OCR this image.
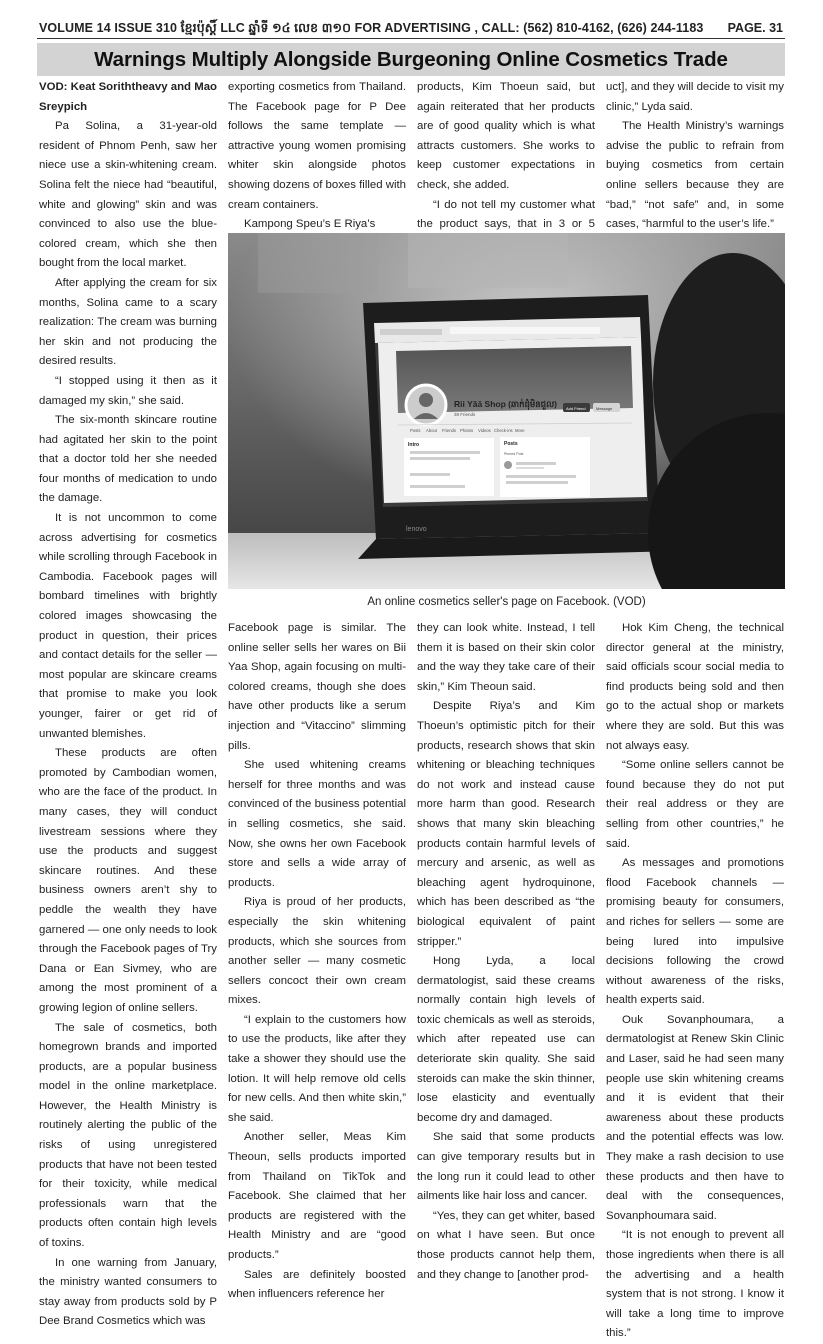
VOLUME 14 ISSUE 310 ខ្មែរប៉ុស្ដិ៍ LLC ឆ្នាំទី ១៤ លេខ ៣១០ FOR ADVERTISING , CALL: (562) 810-4162, (626) 244-1183 PAGE. 31
Warnings Multiply Alongside Burgeoning Online Cosmetics Trade

VOD: Keat Soriththeavy and Mao Sreypich

Pa Solina, a 31-year-old resident of Phnom Penh, saw her niece use a skin-whitening cream. Solina felt the niece had “beautiful, white and glowing” skin and was convinced to also use the blue-colored cream, which she then bought from the local market.

After applying the cream for six months, Solina came to a scary realization: The cream was burning her skin and not producing the desired results.

“I stopped using it then as it damaged my skin,” she said.

The six-month skincare routine had agitated her skin to the point that a doctor told her she needed four months of medication to undo the damage.

It is not uncommon to come across advertising for cosmetics while scrolling through Facebook in Cambodia. Facebook pages will bombard timelines with brightly colored images showcasing the product in question, their prices and contact details for the seller — most popular are skincare creams that promise to make you look younger, fairer or get rid of unwanted blemishes.

These products are often promoted by Cambodian women, who are the face of the product. In many cases, they will conduct livestream sessions where they use the products and suggest skincare routines. And these business owners aren’t shy to peddle the wealth they have garnered — one only needs to look through the Facebook pages of Try Dana or Ean Sivmey, who are among the most prominent of a growing legion of online sellers.

The sale of cosmetics, both homegrown brands and imported products, are a popular business model in the online marketplace. However, the Health Ministry is routinely alerting the public of the risks of using unregistered products that have not been tested for their toxicity, while medical professionals warn that the products often contain high levels of toxins.

In one warning from January, the ministry wanted consumers to stay away from products sold by P Dee Brand Cosmetics which was

exporting cosmetics from Thailand. The Facebook page for P Dee follows the same template — attractive young women promising whiter skin alongside photos showing dozens of boxes filled with cream containers.

Kampong Speu’s E Riya’s

products, Kim Thoeun said, but again reiterated that her products are of good quality which is what attracts customers. She works to keep customer expectations in check, she added.

“I do not tell my customer what the product says, that in 3 or 5

uct], and they will decide to visit my clinic,” Lyda said.

The Health Ministry’s warnings advise the public to refrain from buying cosmetics from certain online sellers because they are “bad,” “not safe” and, in some cases, “harmful to the user’s life.”

Rii Yãā Shop (ឆាក់ដុំមិនជួល)
38 Friends
Add Friend	Message
Posts About Friends Photos Videos Check-ins More
Intro	Posts
Pinned Post
lenovo
An online cosmetics seller's page on Facebook. (VOD)

Facebook page is similar. The online seller sells her wares on Bii Yaa Shop, again focusing on multi-colored creams, though she does have other products like a serum injection and “Vitaccino” slimming pills.

She used whitening creams herself for three months and was convinced of the business potential in selling cosmetics, she said. Now, she owns her own Facebook store and sells a wide array of products.

Riya is proud of her products, especially the skin whitening products, which she sources from another seller — many cosmetic sellers concoct their own cream mixes.

“I explain to the customers how to use the products, like after they take a shower they should use the lotion. It will help remove old cells for new cells. And then white skin,” she said.

Another seller, Meas Kim Theoun, sells products imported from Thailand on TikTok and Facebook. She claimed that her products are registered with the Health Ministry and are “good products.”

Sales are definitely boosted when influencers reference her

they can look white. Instead, I tell them it is based on their skin color and the way they take care of their skin,” Kim Theoun said.

Despite Riya’s and Kim Thoeun’s optimistic pitch for their products, research shows that skin whitening or bleaching techniques do not work and instead cause more harm than good. Research shows that many skin bleaching products contain harmful levels of mercury and arsenic, as well as bleaching agent hydroquinone, which has been described as “the biological equivalent of paint stripper.”

Hong Lyda, a local dermatologist, said these creams normally contain high levels of toxic chemicals as well as steroids, which after repeated use can deteriorate skin quality. She said steroids can make the skin thinner, lose elasticity and eventually become dry and damaged.

She said that some products can give temporary results but in the long run it could lead to other ailments like hair loss and cancer.

“Yes, they can get whiter, based on what I have seen. But once those products cannot help them, and they change to [another prod-

Hok Kim Cheng, the technical director general at the ministry, said officials scour social media to find products being sold and then go to the actual shop or markets where they are sold. But this was not always easy.

“Some online sellers cannot be found because they do not put their real address or they are selling from other countries,” he said.

As messages and promotions flood Facebook channels — promising beauty for consumers, and riches for sellers — some are being lured into impulsive decisions following the crowd without awareness of the risks, health experts said.

Ouk Sovanphoumara, a dermatologist at Renew Skin Clinic and Laser, said he had seen many people use skin whitening creams and it is evident that their awareness about these products and the potential effects was low. They make a rash decision to use these products and then have to deal with the consequences, Sovanphoumara said.

“It is not enough to prevent all those ingredients when there is all the advertising and a health system that is not strong. I know it will take a long time to improve this.”
